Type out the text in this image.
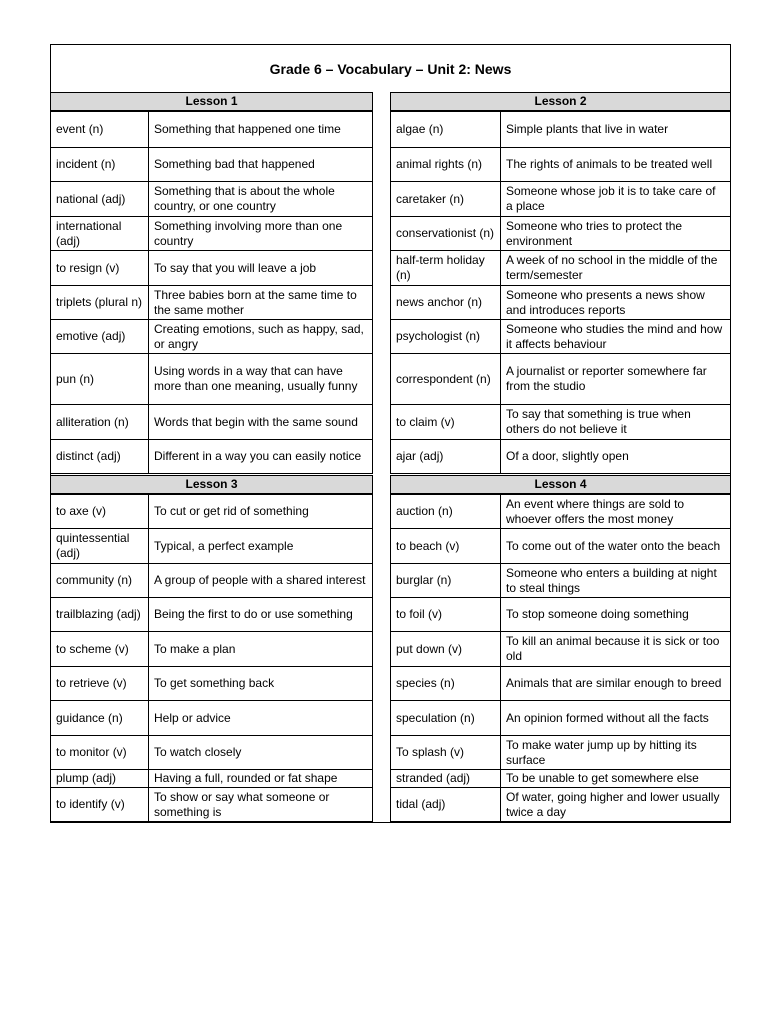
Grade 6 – Vocabulary – Unit 2: News
Lesson 1
event (n)	Something that happened one time
incident (n)	Something bad that happened
national (adj)	Something that is about the whole country, or one country
international (adj)	Something involving more than one country
to resign (v)	To say that you will leave a job
triplets (plural n)	Three babies born at the same time to the same mother
emotive (adj)	Creating emotions, such as happy, sad, or angry
pun (n)	Using words in a way that can have more than one meaning, usually funny
alliteration (n)	Words that begin with the same sound
distinct (adj)	Different in a way you can easily notice
Lesson 2
algae (n)	Simple plants that live in water
animal rights (n)	The rights of animals to be treated well
caretaker (n)	Someone whose job it is to take care of a place
conservationist (n)	Someone who tries to protect the environment
half-term holiday (n)	A week of no school in the middle of the term/semester
news anchor (n)	Someone who presents a news show and introduces reports
psychologist (n)	Someone who studies the mind and how it affects behaviour
correspondent (n)	A journalist or reporter somewhere far from the studio
to claim (v)	To say that something is true when others do not believe it
ajar (adj)	Of a door, slightly open
Lesson 3
to axe (v)	To cut or get rid of something
quintessential (adj)	Typical, a perfect example
community (n)	A group of people with a shared interest
trailblazing (adj)	Being the first to do or use something
to scheme (v)	To make a plan
to retrieve (v)	To get something back
guidance (n)	Help or advice
to monitor (v)	To watch closely
plump (adj)	Having a full, rounded or fat shape
to identify (v)	To show or say what someone or something is
Lesson 4
auction (n)	An event where things are sold to whoever offers the most money
to beach (v)	To come out of the water onto the beach
burglar (n)	Someone who enters a building at night to steal things
to foil (v)	To stop someone doing something
put down (v)	To kill an animal because it is sick or too old
species (n)	Animals that are similar enough to breed
speculation (n)	An opinion formed without all the facts
To splash (v)	To make water jump up by hitting its surface
stranded (adj)	To be unable to get somewhere else
tidal (adj)	Of water, going higher and lower usually twice a day
